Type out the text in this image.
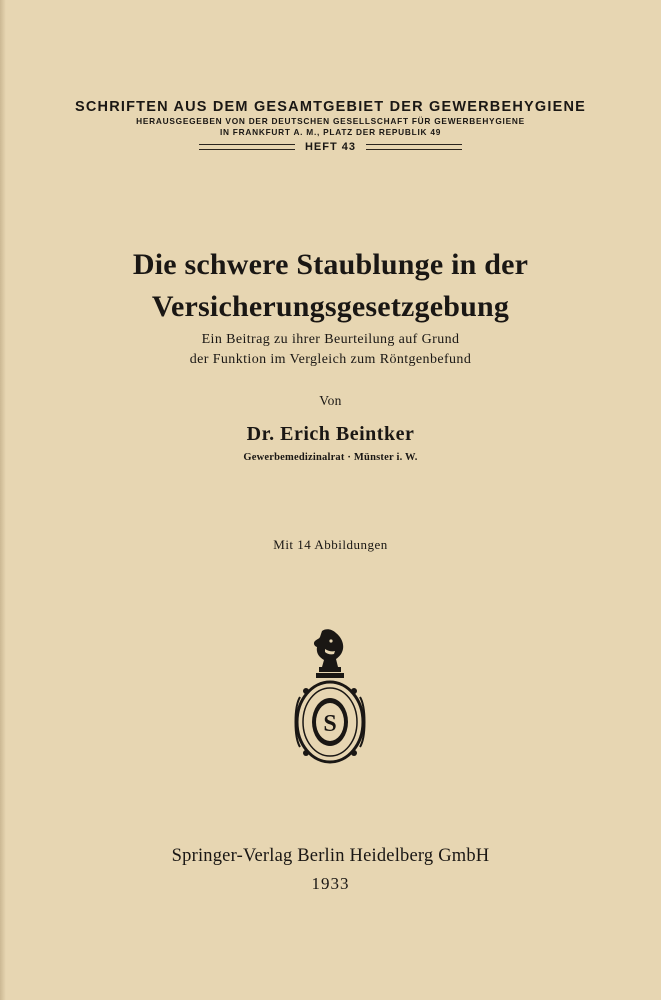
SCHRIFTEN AUS DEM GESAMTGEBIET DER GEWERBEHYGIENE
HERAUSGEGEBEN VON DER DEUTSCHEN GESELLSCHAFT FÜR GEWERBEHYGIENE
IN FRANKFURT A. M., PLATZ DER REPUBLIK 49
HEFT 43
Die schwere Staublunge in der
Versicherungsgesetzgebung
Ein Beitrag zu ihrer Beurteilung auf Grund
der Funktion im Vergleich zum Röntgenbefund
Von
Dr. Erich Beintker
Gewerbemedizinalrat · Münster i. W.
Mit 14 Abbildungen
S
Springer-Verlag Berlin Heidelberg GmbH
1933
